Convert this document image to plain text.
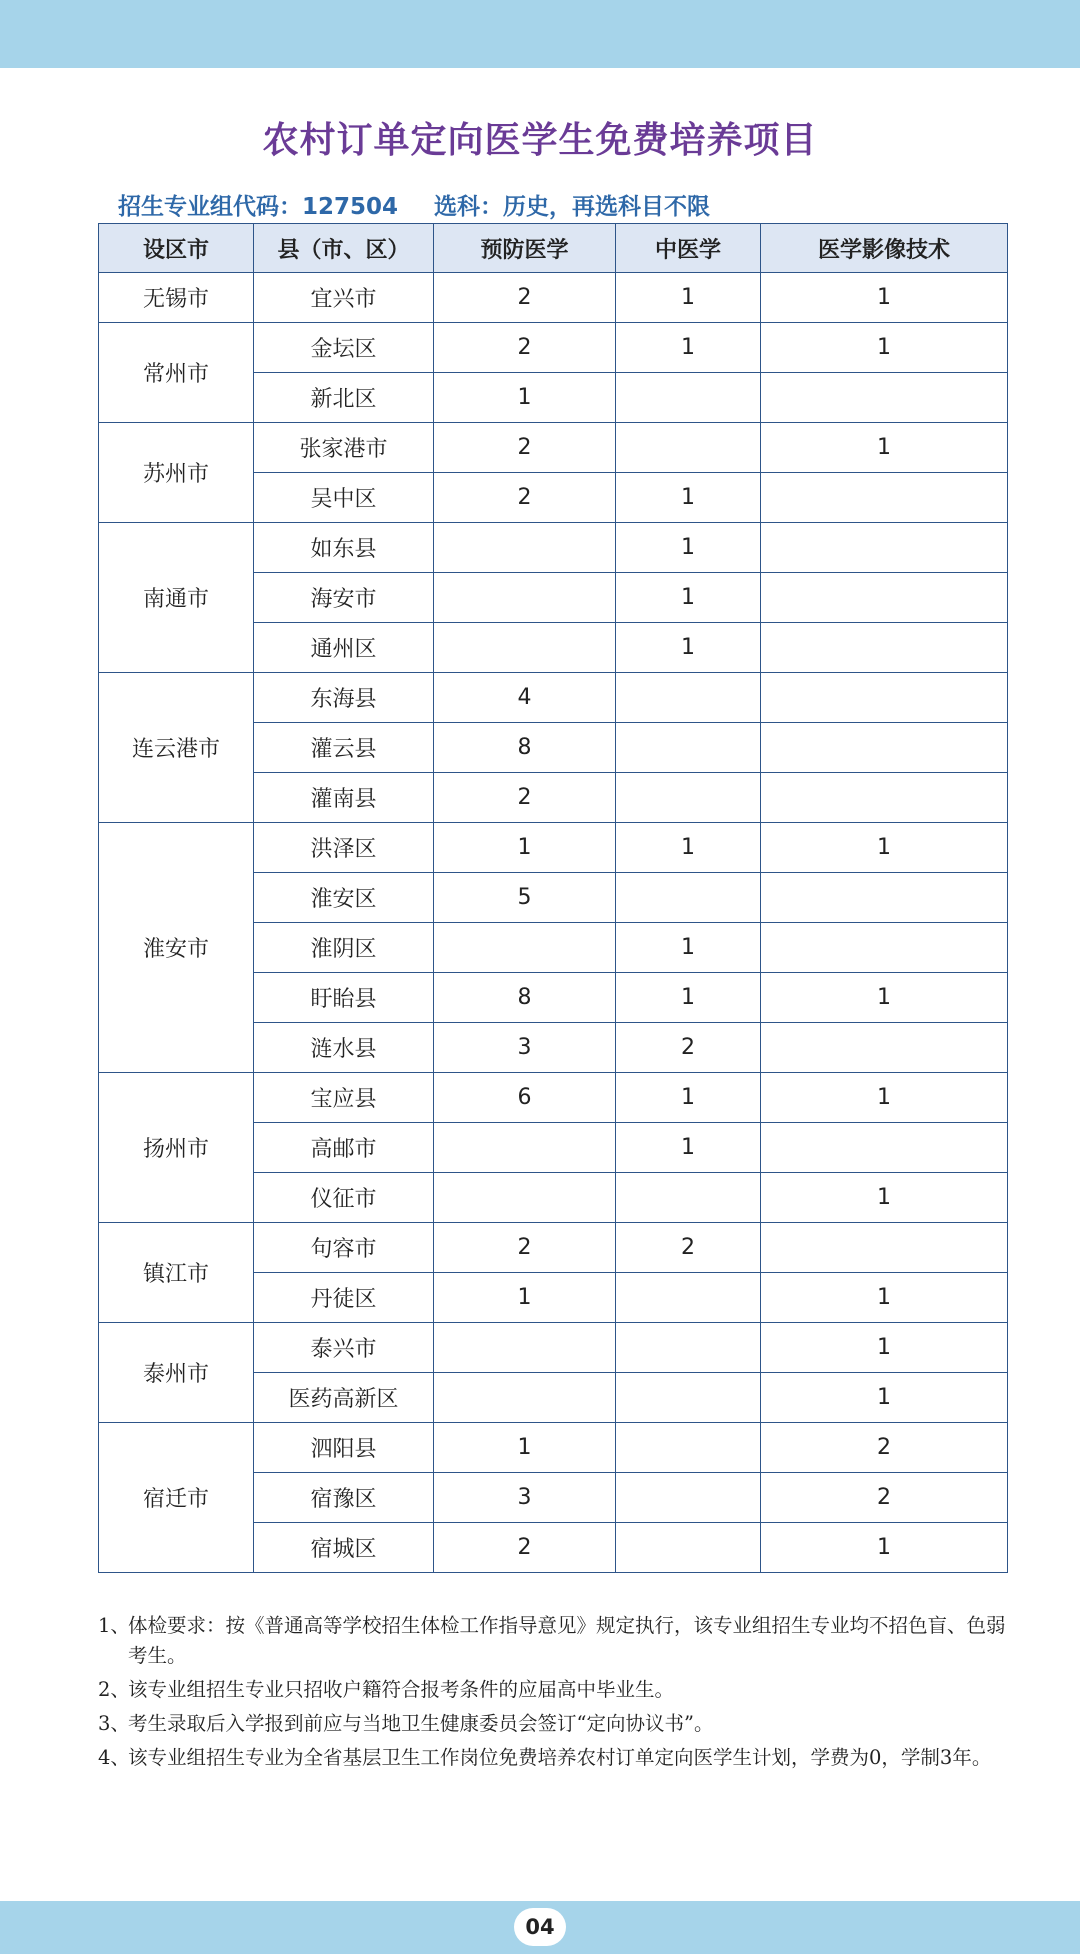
农村订单定向医学生免费培养项目
招生专业组代码：127504 选科：历史，再选科目不限
设区市	县（市、区）	预防医学	中医学	医学影像技术
无锡市	宜兴市	2	1	1
常州市	金坛区	2	1	1
	新北区	1		
苏州市	张家港市	2		1
	吴中区	2	1	
南通市	如东县		1	
	海安市		1	
	通州区		1	
连云港市	东海县	4		
	灌云县	8		
	灌南县	2		
淮安市	洪泽区	1	1	1
	淮安区	5		
	淮阴区		1	
	盱眙县	8	1	1
	涟水县	3	2	
扬州市	宝应县	6	1	1
	高邮市		1	
	仪征市			1
镇江市	句容市	2	2	
	丹徒区	1		1
泰州市	泰兴市			1
	医药高新区			1
宿迁市	泗阳县	1		2
	宿豫区	3		2
	宿城区	2		1
1、
体检要求：按《普通高等学校招生体检工作指导意见》规定执行，该专业组招生专业均不招色盲、色弱考生。
2、
该专业组招生专业只招收户籍符合报考条件的应届高中毕业生。
3、
考生录取后入学报到前应与当地卫生健康委员会签订“定向协议书”。
4、
该专业组招生专业为全省基层卫生工作岗位免费培养农村订单定向医学生计划，学费为0，学制3年。
04
